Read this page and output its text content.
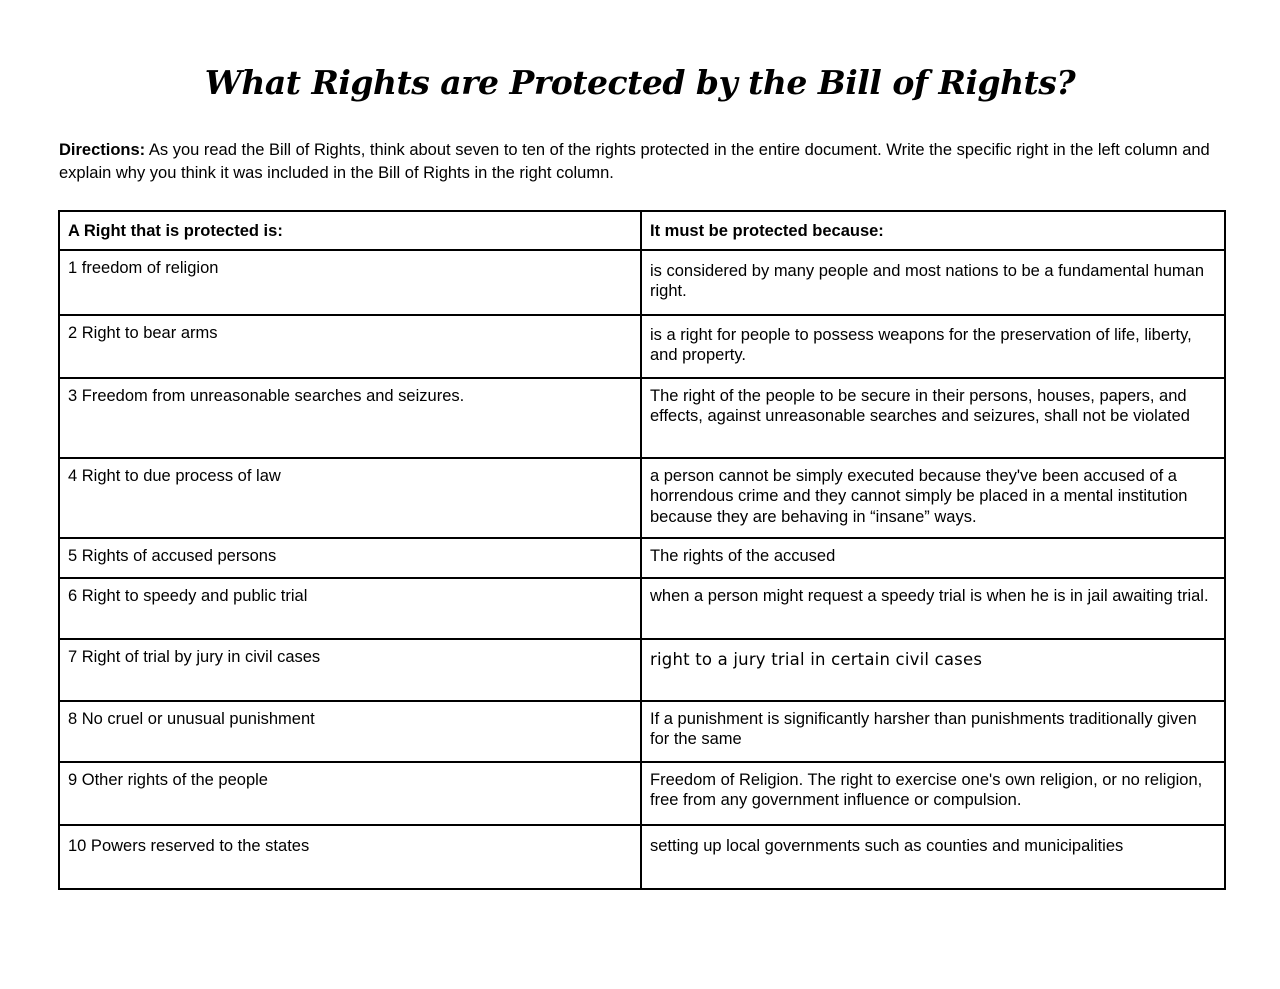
What Rights are Protected by the Bill of Rights?

Directions: As you read the Bill of Rights, think about seven to ten of the rights protected in the entire document. Write the specific right in the left column and explain why you think it was included in the Bill of Rights in the right column.

A Right that is protected is:	It must be protected because:
1 freedom of religion	is considered by many people and most nations to be a fundamental human right.
2 Right to bear arms	is a right for people to possess weapons for the preservation of life, liberty, and property.
3 Freedom from unreasonable searches and seizures.	The right of the people to be secure in their persons, houses, papers, and effects, against unreasonable searches and seizures, shall not be violated
4 Right to due process of law	a person cannot be simply executed because they've been accused of a horrendous crime and they cannot simply be placed in a mental institution because they are behaving in “insane” ways.
5 Rights of accused persons	The rights of the accused
6 Right to speedy and public trial	when a person might request a speedy trial is when he is in jail awaiting trial.
7 Right of trial by jury in civil cases	right to a jury trial in certain civil cases
8 No cruel or unusual punishment	If a punishment is significantly harsher than punishments traditionally given for the same
9 Other rights of the people	Freedom of Religion. The right to exercise one's own religion, or no religion, free from any government influence or compulsion.
10 Powers reserved to the states	setting up local governments such as counties and municipalities
